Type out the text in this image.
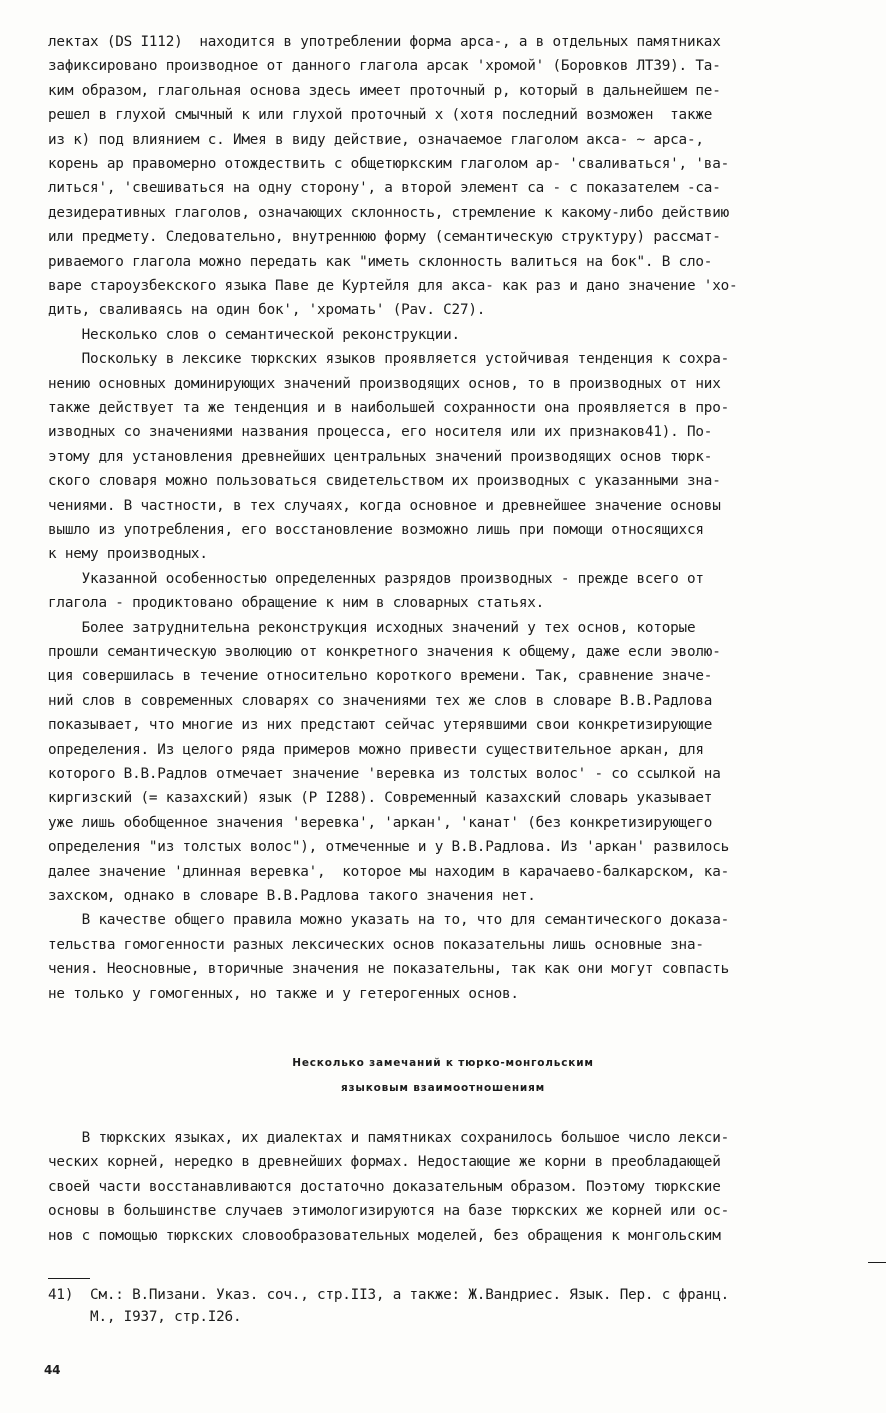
лектах (DS I112)  находится в употреблении форма арса-, а в отдельных памятниках
зафиксировано производное от данного глагола арсак 'хромой' (Боровков ЛТ39). Та-
ким образом, глагольная основа здесь имеет проточный р, который в дальнейшем пе-
решел в глухой смычный к или глухой проточный х (хотя последний возможен  также
из к) под влиянием с. Имея в виду действие, означаемое глаголом акса- ~ арса-,
корень ар правомерно отождествить с общетюркским глаголом ар- 'сваливаться', 'ва-
литься', 'свешиваться на одну сторону', а второй элемент са - с показателем -са-
дезидеративных глаголов, означающих склонность, стремление к какому-либо действию
или предмету. Следовательно, внутреннюю форму (семантическую структуру) рассмат-
риваемого глагола можно передать как "иметь склонность валиться на бок". В сло-
варе староузбекского языка Паве де Куртейля для акса- как раз и дано значение 'хо-
дить, сваливаясь на один бок', 'хромать' (Pav. C27).
Несколько слов о семантической реконструкции.
Поскольку в лексике тюркских языков проявляется устойчивая тенденция к сохра-
нению основных доминирующих значений производящих основ, то в производных от них
также действует та же тенденция и в наибольшей сохранности она проявляется в про-
изводных со значениями названия процесса, его носителя или их признаков41). По-
этому для установления древнейших центральных значений производящих основ тюрк-
ского словаря можно пользоваться свидетельством их производных с указанными зна-
чениями. В частности, в тех случаях, когда основное и древнейшее значение основы
вышло из употребления, его восстановление возможно лишь при помощи относящихся
к нему производных.
Указанной особенностью определенных разрядов производных - прежде всего от
глагола - продиктовано обращение к ним в словарных статьях.
Более затруднительна реконструкция исходных значений у тех основ, которые
прошли семантическую эволюцию от конкретного значения к общему, даже если эволю-
ция совершилась в течение относительно короткого времени. Так, сравнение значе-
ний слов в современных словарях со значениями тех же слов в словаре В.В.Радлова
показывает, что многие из них предстают сейчас утерявшими свои конкретизирующие
определения. Из целого ряда примеров можно привести существительное аркан, для
которого В.В.Радлов отмечает значение 'веревка из толстых волос' - со ссылкой на
киргизский (= казахский) язык (Р I288). Современный казахский словарь указывает
уже лишь обобщенное значения 'веревка', 'аркан', 'канат' (без конкретизирующего
определения "из толстых волос"), отмеченные и у В.В.Радлова. Из 'аркан' развилось
далее значение 'длинная веревка',  которое мы находим в карачаево-балкарском, ка-
захском, однако в словаре В.В.Радлова такого значения нет.
В качестве общего правила можно указать на то, что для семантического доказа-
тельства гомогенности разных лексических основ показательны лишь основные зна-
чения. Неосновные, вторичные значения не показательны, так как они могут совпасть
не только у гомогенных, но также и у гетерогенных основ.
Несколько замечаний к тюрко-монгольским
языковым взаимоотношениям
В тюркских языках, их диалектах и памятниках сохранилось большое число лекси-
ческих корней, нередко в древнейших формах. Недостающие же корни в преобладающей
своей части восстанавливаются достаточно доказательным образом. Поэтому тюркские
основы в большинстве случаев этимологизируются на базе тюркских же корней или ос-
нов с помощью тюркских словообразовательных моделей, без обращения к монгольским
41)  См.: В.Пизани. Указ. соч., стр.II3, а также: Ж.Вандриес. Язык. Пер. с франц.
М., I937, стр.I26.
44
